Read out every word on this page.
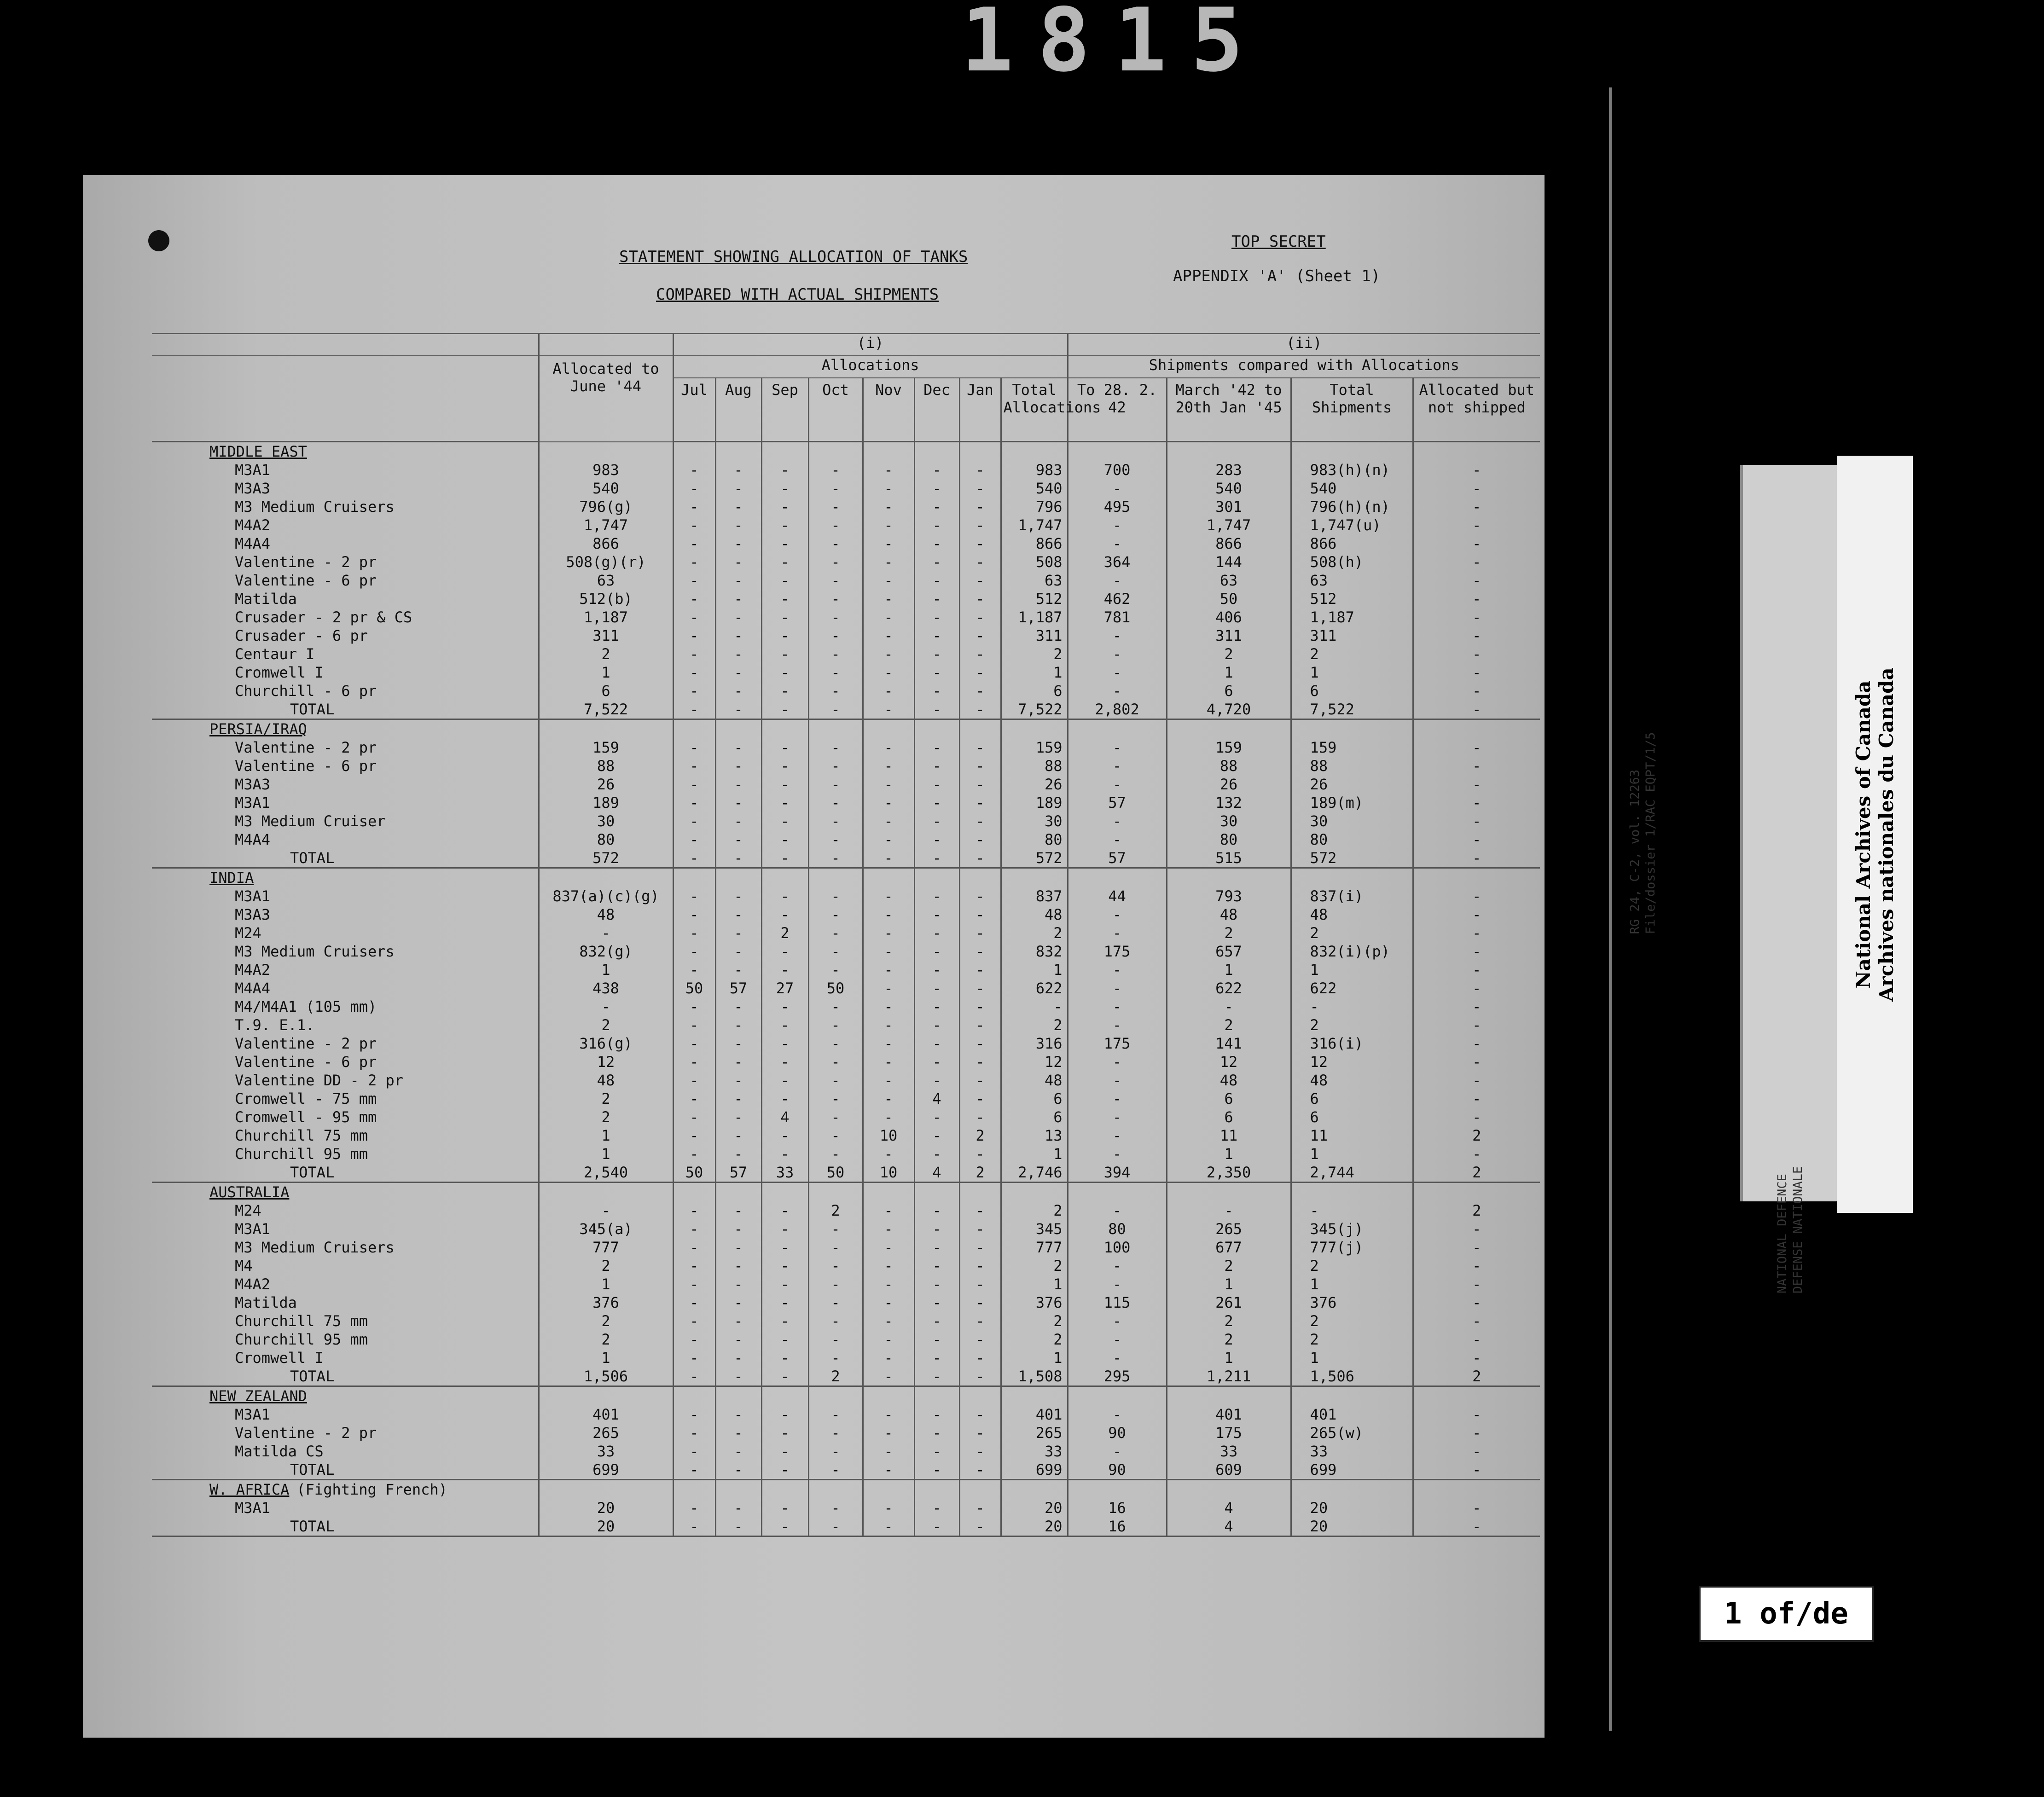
1815
RG 24, C-2, vol. 12263 File/dossier 1/RAC EQPT/1/5
NATIONAL DEFENCE DEFENSE NATIONALE
National Archives of Canada Archives nationales du Canada
1 of/de
STATEMENT SHOWING ALLOCATION OF TANKS
COMPARED WITH ACTUAL SHIPMENTS
TOP SECRET
APPENDIX 'A' (Sheet 1)
		(i)								(ii)			
	Allocated to June '44	Allocations								Shipments compared with Allocations			
		Jul	Aug	Sep	Oct	Nov	Dec	Jan	Total Allocations	To 28. 2. 42	March '42 to 20th Jan '45	Total Shipments	Allocated but not shipped
MIDDLE EAST													
M3A1	983	-	-	-	-	-	-	-	983	700	283	983(h)(n)	-
M3A3	540	-	-	-	-	-	-	-	540	-	540	540	-
M3 Medium Cruisers	796(g)	-	-	-	-	-	-	-	796	495	301	796(h)(n)	-
M4A2	1,747	-	-	-	-	-	-	-	1,747	-	1,747	1,747(u)	-
M4A4	866	-	-	-	-	-	-	-	866	-	866	866	-
Valentine - 2 pr	508(g)(r)	-	-	-	-	-	-	-	508	364	144	508(h)	-
Valentine - 6 pr	63	-	-	-	-	-	-	-	63	-	63	63	-
Matilda	512(b)	-	-	-	-	-	-	-	512	462	50	512	-
Crusader - 2 pr & CS	1,187	-	-	-	-	-	-	-	1,187	781	406	1,187	-
Crusader - 6 pr	311	-	-	-	-	-	-	-	311	-	311	311	-
Centaur I	2	-	-	-	-	-	-	-	2	-	2	2	-
Cromwell I	1	-	-	-	-	-	-	-	1	-	1	1	-
Churchill - 6 pr	6	-	-	-	-	-	-	-	6	-	6	6	-
TOTAL	7,522	-	-	-	-	-	-	-	7,522	2,802	4,720	7,522	-
PERSIA/IRAQ													
Valentine - 2 pr	159	-	-	-	-	-	-	-	159	-	159	159	-
Valentine - 6 pr	88	-	-	-	-	-	-	-	88	-	88	88	-
M3A3	26	-	-	-	-	-	-	-	26	-	26	26	-
M3A1	189	-	-	-	-	-	-	-	189	57	132	189(m)	-
M3 Medium Cruiser	30	-	-	-	-	-	-	-	30	-	30	30	-
M4A4	80	-	-	-	-	-	-	-	80	-	80	80	-
TOTAL	572	-	-	-	-	-	-	-	572	57	515	572	-
INDIA													
M3A1	837(a)(c)(g)	-	-	-	-	-	-	-	837	44	793	837(i)	-
M3A3	48	-	-	-	-	-	-	-	48	-	48	48	-
M24	-	-	-	2	-	-	-	-	2	-	2	2	-
M3 Medium Cruisers	832(g)	-	-	-	-	-	-	-	832	175	657	832(i)(p)	-
M4A2	1	-	-	-	-	-	-	-	1	-	1	1	-
M4A4	438	50	57	27	50	-	-	-	622	-	622	622	-
M4/M4A1 (105 mm)	-	-	-	-	-	-	-	-	-	-	-	-	-
T.9. E.1.	2	-	-	-	-	-	-	-	2	-	2	2	-
Valentine - 2 pr	316(g)	-	-	-	-	-	-	-	316	175	141	316(i)	-
Valentine - 6 pr	12	-	-	-	-	-	-	-	12	-	12	12	-
Valentine DD - 2 pr	48	-	-	-	-	-	-	-	48	-	48	48	-
Cromwell - 75 mm	2	-	-	-	-	-	4	-	6	-	6	6	-
Cromwell - 95 mm	2	-	-	4	-	-	-	-	6	-	6	6	-
Churchill 75 mm	1	-	-	-	-	10	-	2	13	-	11	11	2
Churchill 95 mm	1	-	-	-	-	-	-	-	1	-	1	1	-
TOTAL	2,540	50	57	33	50	10	4	2	2,746	394	2,350	2,744	2
AUSTRALIA													
M24	-	-	-	-	2	-	-	-	2	-	-	-	2
M3A1	345(a)	-	-	-	-	-	-	-	345	80	265	345(j)	-
M3 Medium Cruisers	777	-	-	-	-	-	-	-	777	100	677	777(j)	-
M4	2	-	-	-	-	-	-	-	2	-	2	2	-
M4A2	1	-	-	-	-	-	-	-	1	-	1	1	-
Matilda	376	-	-	-	-	-	-	-	376	115	261	376	-
Churchill 75 mm	2	-	-	-	-	-	-	-	2	-	2	2	-
Churchill 95 mm	2	-	-	-	-	-	-	-	2	-	2	2	-
Cromwell I	1	-	-	-	-	-	-	-	1	-	1	1	-
TOTAL	1,506	-	-	-	2	-	-	-	1,508	295	1,211	1,506	2
NEW ZEALAND													
M3A1	401	-	-	-	-	-	-	-	401	-	401	401	-
Valentine - 2 pr	265	-	-	-	-	-	-	-	265	90	175	265(w)	-
Matilda CS	33	-	-	-	-	-	-	-	33	-	33	33	-
TOTAL	699	-	-	-	-	-	-	-	699	90	609	699	-
W. AFRICA(Fighting French)													
M3A1	20	-	-	-	-	-	-	-	20	16	4	20	-
TOTAL	20	-	-	-	-	-	-	-	20	16	4	20	-
